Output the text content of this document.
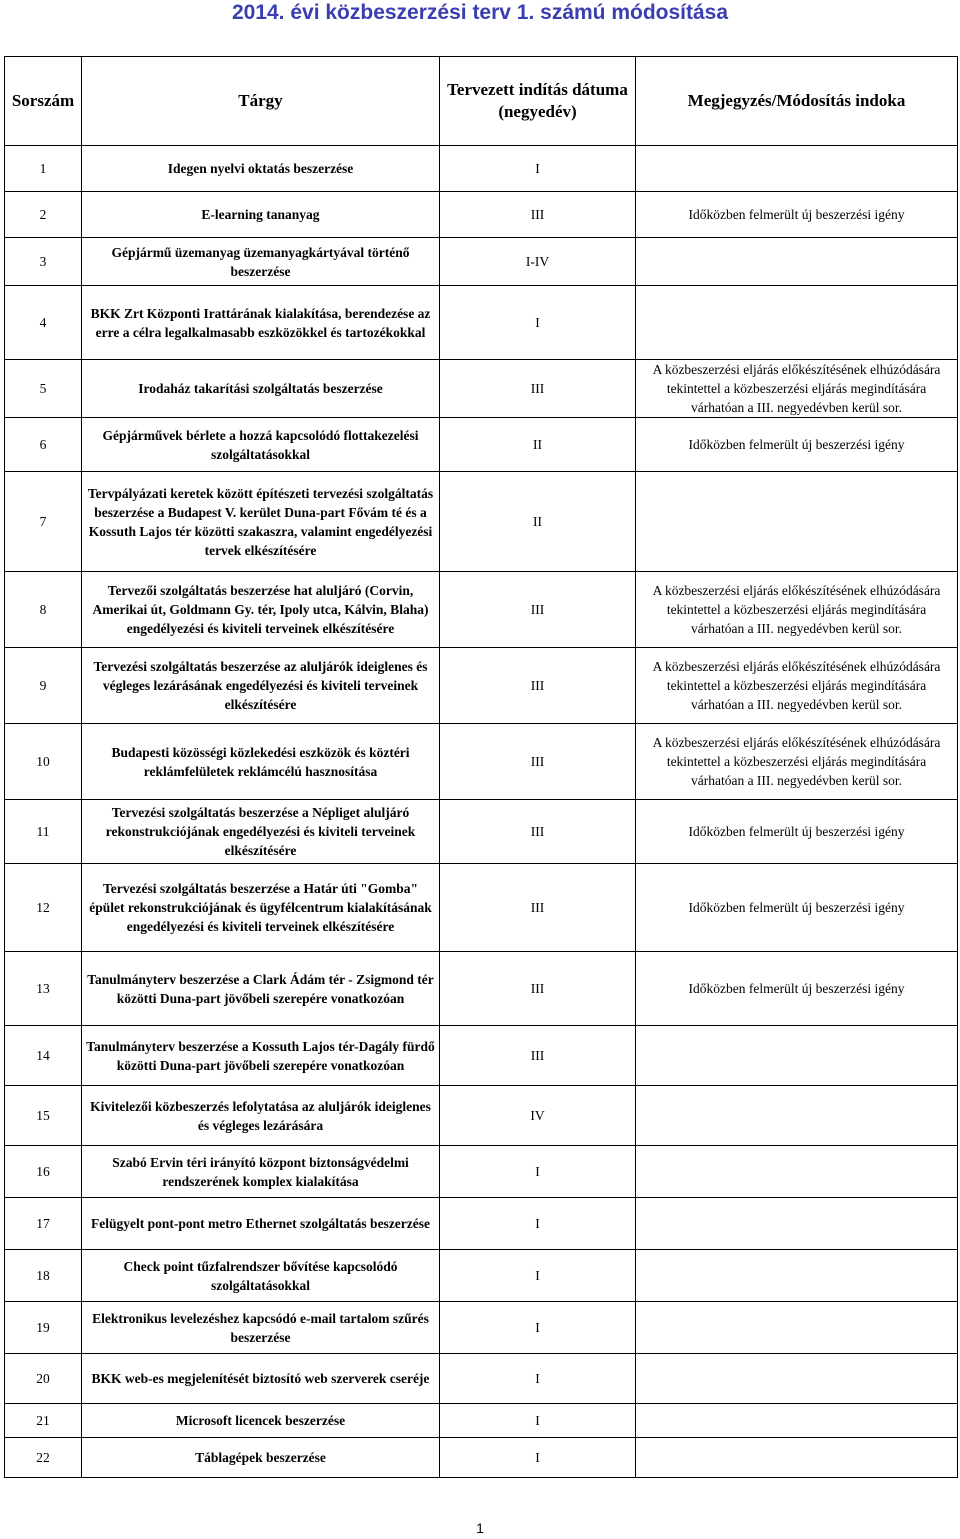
2014. évi közbeszerzési terv 1. számú módosítása
Sorszám	Tárgy	Tervezett indítás dátuma (negyedév)	Megjegyzés/Módosítás indoka
1	Idegen nyelvi oktatás beszerzése	I	
2	E-learning tananyag	III	Időközben felmerült új beszerzési igény
3	Gépjármű üzemanyag üzemanyagkártyával történő beszerzése	I-IV	
4	BKK Zrt Központi Irattárának kialakítása, berendezése az erre a célra legalkalmasabb eszközökkel és tartozékokkal	I	
5	Irodaház takarítási szolgáltatás beszerzése	III	A közbeszerzési eljárás előkészítésének elhúzódására tekintettel a közbeszerzési eljárás megindítására várhatóan a III. negyedévben kerül sor.
6	Gépjárművek bérlete a hozzá kapcsolódó flottakezelési szolgáltatásokkal	II	Időközben felmerült új beszerzési igény
7	Tervpályázati keretek között építészeti tervezési szolgáltatás beszerzése a Budapest V. kerület Duna-part Fővám té és a Kossuth Lajos tér közötti szakaszra, valamint engedélyezési tervek elkészítésére	II	
8	Tervezői szolgáltatás beszerzése hat aluljáró (Corvin, Amerikai út, Goldmann Gy. tér, Ipoly utca, Kálvin, Blaha) engedélyezési és kiviteli terveinek elkészítésére	III	A közbeszerzési eljárás előkészítésének elhúzódására tekintettel a közbeszerzési eljárás megindítására várhatóan a III. negyedévben kerül sor.
9	Tervezési szolgáltatás beszerzése az aluljárók ideiglenes és végleges lezárásának engedélyezési és kiviteli terveinek elkészítésére	III	A közbeszerzési eljárás előkészítésének elhúzódására tekintettel a közbeszerzési eljárás megindítására várhatóan a III. negyedévben kerül sor.
10	Budapesti közösségi közlekedési eszközök és köztéri reklámfelületek reklámcélú hasznosítása	III	A közbeszerzési eljárás előkészítésének elhúzódására tekintettel a közbeszerzési eljárás megindítására várhatóan a III. negyedévben kerül sor.
11	Tervezési szolgáltatás beszerzése a Népliget aluljáró rekonstrukciójának engedélyezési és kiviteli terveinek elkészítésére	III	Időközben felmerült új beszerzési igény
12	Tervezési szolgáltatás beszerzése a Határ úti "Gomba" épület rekonstrukciójának és ügyfélcentrum kialakításának engedélyezési és kiviteli terveinek elkészítésére	III	Időközben felmerült új beszerzési igény
13	Tanulmányterv beszerzése a Clark Ádám tér - Zsigmond tér közötti Duna-part jövőbeli szerepére vonatkozóan	III	Időközben felmerült új beszerzési igény
14	Tanulmányterv beszerzése a Kossuth Lajos tér-Dagály fürdő közötti Duna-part jövőbeli szerepére vonatkozóan	III	
15	Kivitelezői közbeszerzés lefolytatása az aluljárók ideiglenes és végleges lezárására	IV	
16	Szabó Ervin téri irányító központ biztonságvédelmi rendszerének komplex kialakítása	I	
17	Felügyelt pont-pont metro Ethernet szolgáltatás beszerzése	I	
18	Check point tűzfalrendszer bővítése kapcsolódó szolgáltatásokkal	I	
19	Elektronikus levelezéshez kapcsódó e-mail tartalom szűrés beszerzése	I	
20	BKK web-es megjelenítését biztosító web szerverek cseréje	I	
21	Microsoft licencek beszerzése	I	
22	Táblagépek beszerzése	I	
1
